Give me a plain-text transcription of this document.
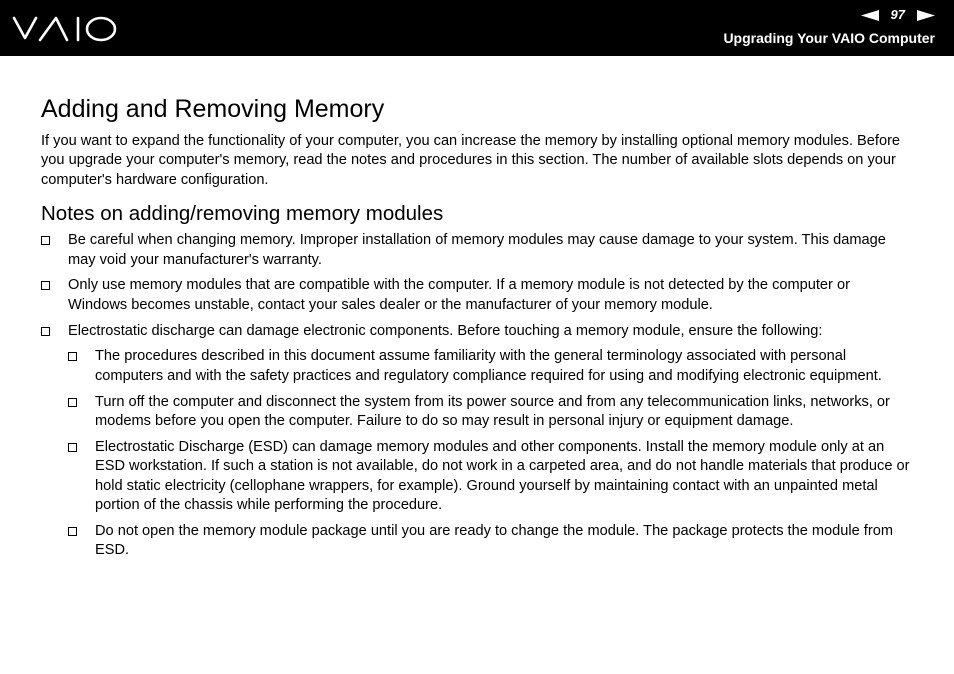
97
Upgrading Your VAIO Computer
Adding and Removing Memory

If you want to expand the functionality of your computer, you can increase the memory by installing optional memory modules. Before you upgrade your computer's memory, read the notes and procedures in this section. The number of available slots depends on your computer's hardware configuration.

Notes on adding/removing memory modules
Be careful when changing memory. Improper installation of memory modules may cause damage to your system. This damage may void your manufacturer's warranty.
Only use memory modules that are compatible with the computer. If a memory module is not detected by the computer or Windows becomes unstable, contact your sales dealer or the manufacturer of your memory module.
Electrostatic discharge can damage electronic components. Before touching a memory module, ensure the following:
The procedures described in this document assume familiarity with the general terminology associated with personal computers and with the safety practices and regulatory compliance required for using and modifying electronic equipment.
Turn off the computer and disconnect the system from its power source and from any telecommunication links, networks, or modems before you open the computer. Failure to do so may result in personal injury or equipment damage.
Electrostatic Discharge (ESD) can damage memory modules and other components. Install the memory module only at an ESD workstation. If such a station is not available, do not work in a carpeted area, and do not handle materials that produce or hold static electricity (cellophane wrappers, for example). Ground yourself by maintaining contact with an unpainted metal portion of the chassis while performing the procedure.
Do not open the memory module package until you are ready to change the module. The package protects the module from ESD.
